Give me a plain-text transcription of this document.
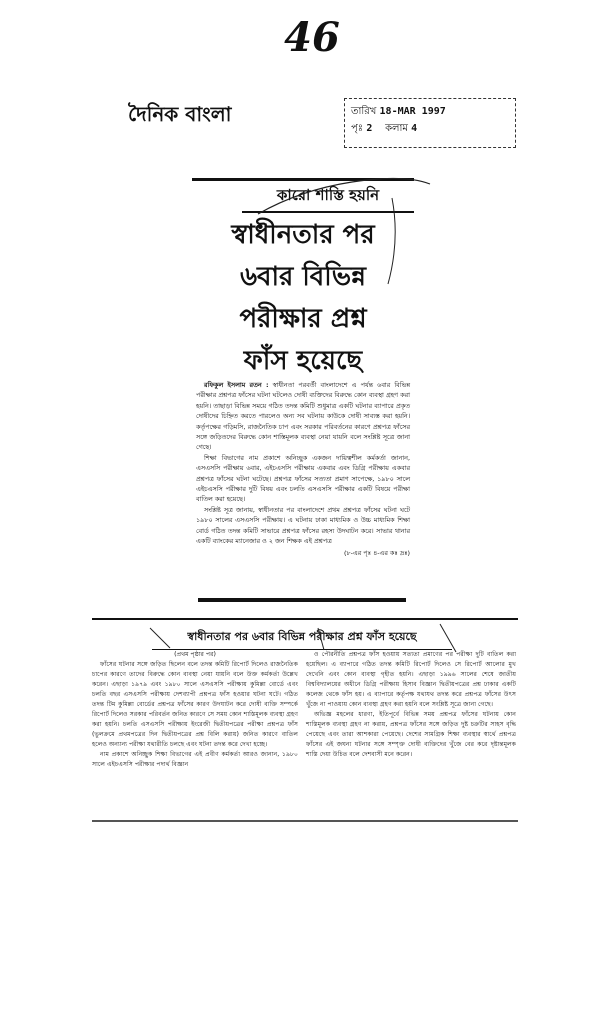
46
দৈনিক বাংলা	তারিখ 18-MAR 1997
পৃঃ 2 কলাম 4
কারো শাস্তি হয়নি
স্বাধীনতার পর
৬বার বিভিন্ন
পরীক্ষার প্রশ্ন
ফাঁস হয়েছে

রফিকুল ইসলাম রতন : স্বাধীনতা পরবর্তী বাংলাদেশে এ পর্যন্ত ৬বার বিভিন্ন পরীক্ষার প্রশ্নপত্র ফাঁসের ঘটনা ঘটলেও দোষী ব্যক্তিদের বিরুদ্ধে কোন ব্যবস্থা গ্রহণ করা হয়নি। তাছাড়া বিভিন্ন সময়ে গঠিত তদন্ত কমিটি শুধুমাত্র একটি ঘটনার ব্যাপারে প্রকৃত দোষীদের চিহ্নিত করতে পারলেও অন্য সব ঘটনায় কাউকে দোষী সাব্যস্ত করা হয়নি। কর্তৃপক্ষের গড়িমসি, রাজনৈতিক চাপ এবং সরকার পরিবর্তনের কারণে প্রশ্নপত্র ফাঁসের সঙ্গে জড়িতদের বিরুদ্ধে কোন শাস্তিমূলক ব্যবস্থা নেয়া যায়নি বলে সংশ্লিষ্ট সূত্রে জানা গেছে।

শিক্ষা বিভাগের নাম প্রকাশে অনিচ্ছুক একজন দায়িত্বশীল কর্মকর্তা জানান, এসএসসি পরীক্ষায় ৬বার, এইচএসসি পরীক্ষায় একবার এবং ডিগ্রি পরীক্ষায় একবার প্রশ্নপত্র ফাঁসের ঘটনা ঘটেছে। প্রশ্নপত্র ফাঁসের সত্যতা প্রমাণ সাপেক্ষে, ১৯৮০ সালে এইচএসসি পরীক্ষার দুটি বিষয় এবং চলতি এসএসসি পরীক্ষার একটি বিষয়ে পরীক্ষা বাতিল করা হয়েছে।

সংশ্লিষ্ট সূত্র জানায়, স্বাধীনতার পর বাংলাদেশে প্রথম প্রশ্নপত্র ফাঁসের ঘটনা ঘটে ১৯৮০ সালের এসএসসি পরীক্ষায়। এ ঘটনায় ঢাকা মাধ্যমিক ও উচ্চ মাধ্যমিক শিক্ষা বোর্ড গঠিত তদন্ত কমিটি সাভারে প্রশ্নপত্র ফাঁসের রহস্য উদঘাটন করে। সাভার থানার একটি ব্যাংকের ম্যানেজার ও ২ জন শিক্ষক এই প্রশ্নপত্র

(৮-এর পৃঃ ৪-এর কঃ দ্রঃ)
স্বাধীনতার পর ৬বার বিভিন্ন পরীক্ষার প্রশ্ন ফাঁস হয়েছে

(প্রথম পৃষ্ঠার পর)

ফাঁসের ঘটনার সঙ্গে জড়িত ছিলেন বলে তদন্ত কমিটি রিপোর্ট দিলেও রাজনৈতিক চাপের কারণে তাদের বিরুদ্ধে কোন ব্যবস্থা নেয়া যায়নি বলে উক্ত কর্মকর্তা উল্লেখ করেন। এছাড়া ১৯৭৯ এবং ১৯৮০ সালে এসএসসি পরীক্ষায় কুমিল্লা বোর্ডে এবং চলতি বছর এসএসসি পরীক্ষায় দেশব্যাপী প্রশ্নপত্র ফাঁস হওয়ার ঘটনা ঘটে। গঠিত তদন্ত টিম কুমিল্লা বোর্ডের প্রশ্নপত্র ফাঁসের কারণ উদঘাটন করে দোষী ব্যক্তি সম্পর্কে রিপোর্ট দিলেও সরকার পরিবর্তন জনিত কারণে সে সময় কোন শাস্তিমূলক ব্যবস্থা গ্রহণ করা হয়নি। চলতি এসএসসি পরীক্ষায় ইংরেজী দ্বিতীয়পত্রের পরীক্ষা প্রশ্নপত্র ফাঁস (ভুলক্রমে প্রথমপত্রের দিন দ্বিতীয়পত্রের প্রশ্ন বিলি করায়) জনিত কারণে বাতিল হলেও অন্যান্য পরীক্ষা যথারীতি চলছে এবং ঘটনা তদন্ত করে দেখা হচ্ছে।

নাম প্রকাশে অনিচ্ছুক শিক্ষা বিভাগের এই প্রবীণ কর্মকর্তা আরও জানান, ১৯৮০ সালে এইচএসসি পরীক্ষার পদার্থ বিজ্ঞান

ও পৌরনীতি প্রশ্নপত্র ফাঁস হওয়ায় সত্যতা প্রমাণের পর পরীক্ষা দুটি বাতিল করা হয়েছিল। এ ব্যাপারে গঠিত তদন্ত কমিটি রিপোর্ট দিলেও সে রিপোর্ট আলোর মুখ দেখেনি এবং কোন ব্যবস্থা গৃহীত হয়নি। এছাড়া ১৯৯৬ সালের শেষে জাতীয় বিশ্ববিদ্যালয়ের অধীনে ডিগ্রি পরীক্ষায় হিসাব বিজ্ঞান দ্বিতীয়পত্রের প্রশ্ন ঢাকার একটি কলেজ থেকে ফাঁস হয়। এ ব্যাপারে কর্তৃপক্ষ যথাযথ তদন্ত করে প্রশ্নপত্র ফাঁসের উৎস খুঁজে না পাওয়ায় কোন ব্যবস্থা গ্রহণ করা হয়নি বলে সংশ্লিষ্ট সূত্রে জানা গেছে।

অভিজ্ঞ মহলের ধারণা, ইতিপূর্বে বিভিন্ন সময় প্রশ্নপত্র ফাঁসের ঘটনায় কোন শাস্তিমূলক ব্যবস্থা গ্রহণ না করায়, প্রশ্নপত্র ফাঁসের সঙ্গে জড়িত দুষ্ট চক্রটির সাহস বৃদ্ধি পেয়েছে এবং তারা আশকারা পেয়েছে। দেশের সামগ্রিক শিক্ষা ব্যবস্থার স্বার্থে প্রশ্নপত্র ফাঁসের এই জঘন্য ঘটনার সঙ্গে সম্পৃক্ত দোষী ব্যক্তিদের খুঁজে বের করে দৃষ্টান্তমূলক শাস্তি দেয়া উচিত বলে দেশবাসী মনে করেন।
